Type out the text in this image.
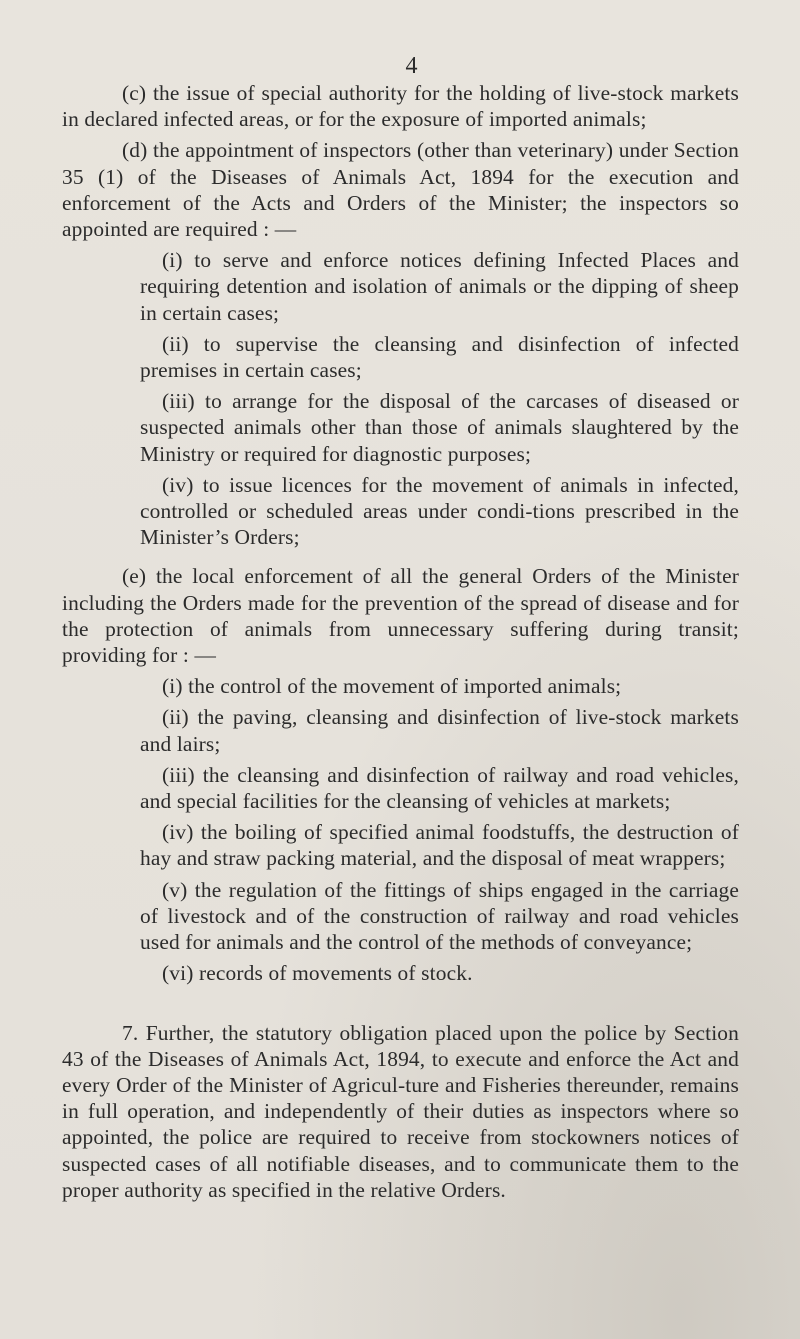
4

(c) the issue of special authority for the holding of live-stock markets in declared infected areas, or for the exposure of imported animals;

(d) the appointment of inspectors (other than veterinary) under Section 35 (1) of the Diseases of Animals Act, 1894 for the execution and enforcement of the Acts and Orders of the Minister; the inspectors so appointed are required : —

(i) to serve and enforce notices defining Infected Places and requiring detention and isolation of animals or the dipping of sheep in certain cases;

(ii) to supervise the cleansing and disinfection of infected premises in certain cases;

(iii) to arrange for the disposal of the carcases of diseased or suspected animals other than those of animals slaughtered by the Ministry or required for diagnostic purposes;

(iv) to issue licences for the movement of animals in infected, controlled or scheduled areas under condi-tions prescribed in the Minister’s Orders;

(e) the local enforcement of all the general Orders of the Minister including the Orders made for the prevention of the spread of disease and for the protection of animals from unnecessary suffering during transit; providing for : —

(i) the control of the movement of imported animals;

(ii) the paving, cleansing and disinfection of live-stock markets and lairs;

(iii) the cleansing and disinfection of railway and road vehicles, and special facilities for the cleansing of vehicles at markets;

(iv) the boiling of specified animal foodstuffs, the destruction of hay and straw packing material, and the disposal of meat wrappers;

(v) the regulation of the fittings of ships engaged in the carriage of livestock and of the construction of railway and road vehicles used for animals and the control of the methods of conveyance;

(vi) records of movements of stock.

7. Further, the statutory obligation placed upon the police by Section 43 of the Diseases of Animals Act, 1894, to execute and enforce the Act and every Order of the Minister of Agricul-ture and Fisheries thereunder, remains in full operation, and independently of their duties as inspectors where so appointed, the police are required to receive from stockowners notices of suspected cases of all notifiable diseases, and to communicate them to the proper authority as specified in the relative Orders.
